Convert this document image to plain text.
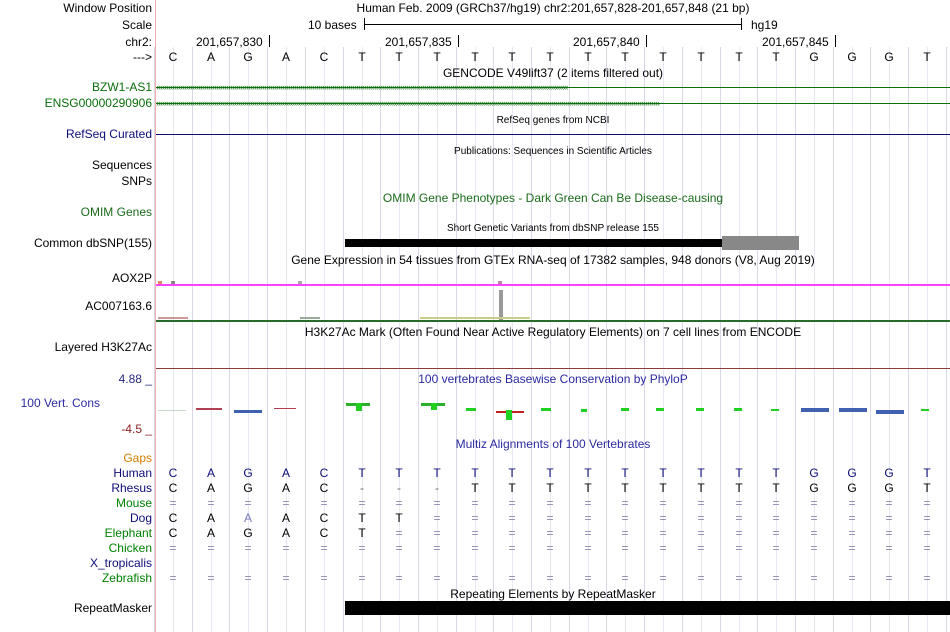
Window Position	Human Feb. 2009 (GRCh37/hg19) chr2:201,657,828-201,657,848 (21 bp)
Scale	10 bases	hg19
chr2:	201,657,830	201,657,835	201,657,840	201,657,845
--->	C	A	G	A	C	T	T	T	T	T	T	T	T	T	T	T	T	G	G	G	T
GENCODE V49lift37 (2 items filtered out)
BZW1-AS1 ‹‹‹‹‹‹‹‹‹‹‹‹‹‹‹‹‹‹‹‹‹‹‹‹‹‹‹‹‹‹‹‹‹‹‹‹‹‹‹‹‹‹‹‹‹‹‹‹‹‹‹‹‹‹‹‹‹‹‹‹‹‹‹‹‹‹‹‹‹‹‹‹‹‹‹‹‹‹‹‹‹‹‹‹‹‹‹‹‹‹‹‹‹‹‹‹‹‹‹‹‹‹‹‹‹‹‹‹‹‹‹‹‹‹‹‹‹‹‹‹‹‹‹‹‹‹‹‹‹‹‹‹‹‹‹‹‹‹‹‹‹‹‹‹‹‹‹‹‹‹‹‹‹‹‹‹‹‹‹‹‹‹‹‹‹‹‹‹‹‹‹‹‹‹‹‹‹‹‹‹‹‹‹‹‹‹‹‹‹‹‹‹‹‹‹‹‹‹‹‹‹‹‹‹‹‹
ENSG00000290906 ››››››››››››››››››››››››››››››››››››››››››››››››››››››››››››››››››››››››››››››››››››››››››››››››››››››››››››››››››››››››››››››››››››››››››››››››››››››››››››››››››››››››››››››››››››››››››››››››››››››››››››››››››››››››››››››››››››››››››››››››››››››››››››
RefSeq genes from NCBI
RefSeq Curated
Publications: Sequences in Scientific Articles
Sequences
SNPs
OMIM Gene Phenotypes - Dark Green Can Be Disease-causing
OMIM Genes
Short Genetic Variants from dbSNP release 155
Common dbSNP(155)
Gene Expression in 54 tissues from GTEx RNA-seq of 17382 samples, 948 donors (V8, Aug 2019)
AOX2P
AC007163.6
H3K27Ac Mark (Often Found Near Active Regulatory Elements) on 7 cell lines from ENCODE
Layered H3K27Ac
4.88 _	100 vertebrates Basewise Conservation by PhyloP
100 Vert. Cons
-4.5 _
Multiz Alignments of 100 Vertebrates
Gaps
Human	C	A	G	A	C	T	T	T	T	T	T	T	T	T	T	T	T	G	G	G	T
Rhesus	C	A	G	A	C	-	-	-	T	T	T	T	T	T	T	T	T	G	G	G	T
Mouse	=	=	=	=	=	=	=	=	=	=	=	=	=	=	=	=	=	=	=	=	=
Dog	C	A	A	A	C	T	T	=	=	=	=	=	=	=	=	=	=	=	=	=	=
Elephant	C	A	G	A	C	T	=	=	=	=	=	=	=	=	=	=	=	=	=	=	=
Chicken	=	=	=	=	=	=	=	=	=	=	=	=	=	=	=	=	=	=	=	=	=
X_tropicalis
Zebrafish	=	=	=	=	=	=	=	=	=	=	=	=	=	=	=	=	=	=	=	=	=
Repeating Elements by RepeatMasker
RepeatMasker
